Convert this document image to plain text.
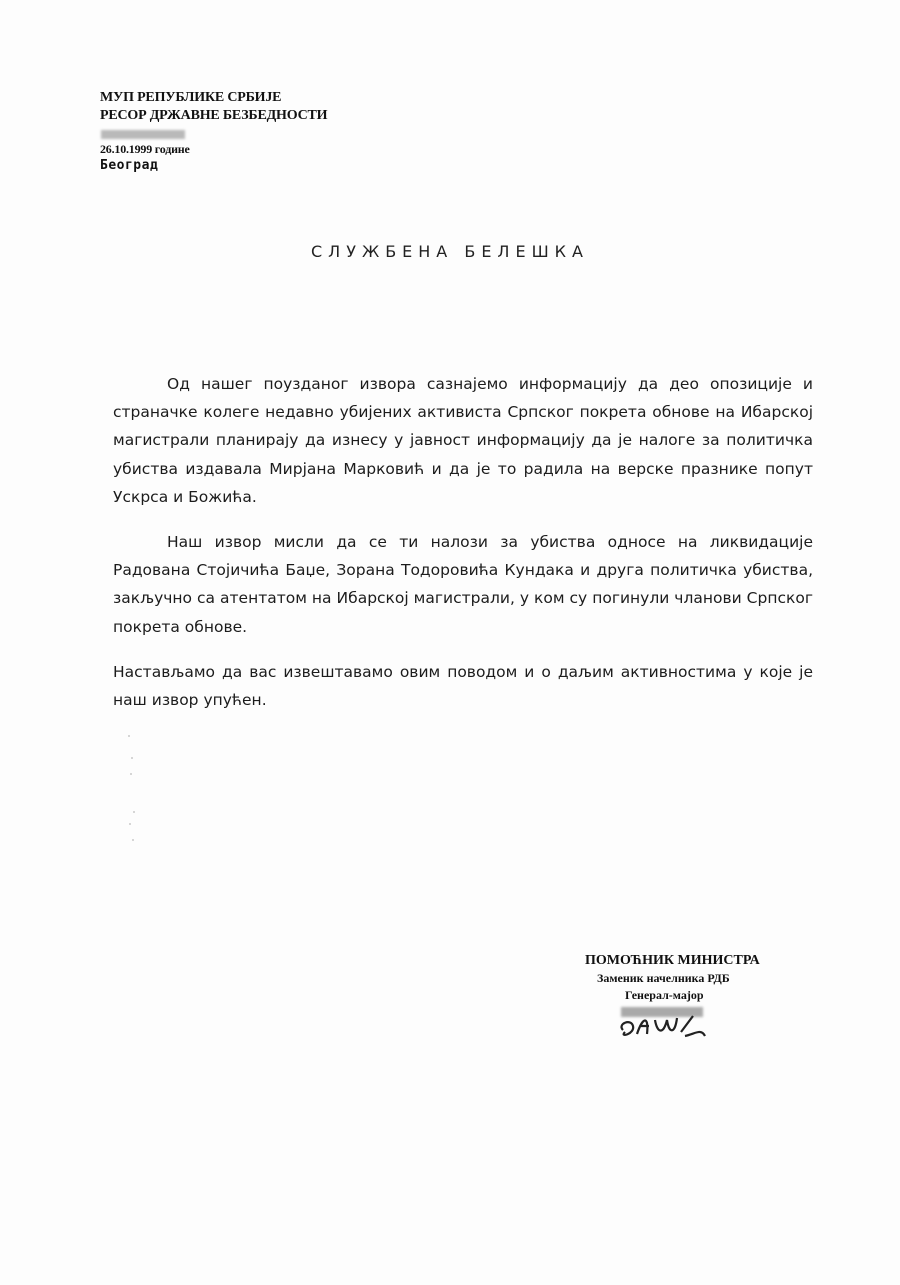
МУП РЕПУБЛИКЕ СРБИЈЕ
РЕСОР ДРЖАВНЕ БЕЗБЕДНОСТИ
26.10.1999 године
Београд
СЛУЖБЕНА БЕЛЕШКА

Од нашег поузданог извора сазнајемо информацију да део опозиције и страначке колеге недавно убијених активиста Српског покрета обнове на Ибарској магистрали планирају да изнесу у јавност информацију да је налоге за политичка убиства издавала Мирјана Марковић и да је то радила на верске празнике попут Ускрса и Божића.

Наш извор мисли да се ти налози за убиства односе на ликвидације Радована Стојичића Баџе, Зорана Тодоровића Кундака и друга политичка убиства, закључно са атентатом на Ибарској магистрали, у ком су погинули чланови Српског покрета обнове.

Настављамо да вас извештавамо овим поводом и о даљим активностима у које је наш извор упућен.

ПОМОЋНИК МИНИСТРА
Заменик начелника РДБ
Генерал-мајор
